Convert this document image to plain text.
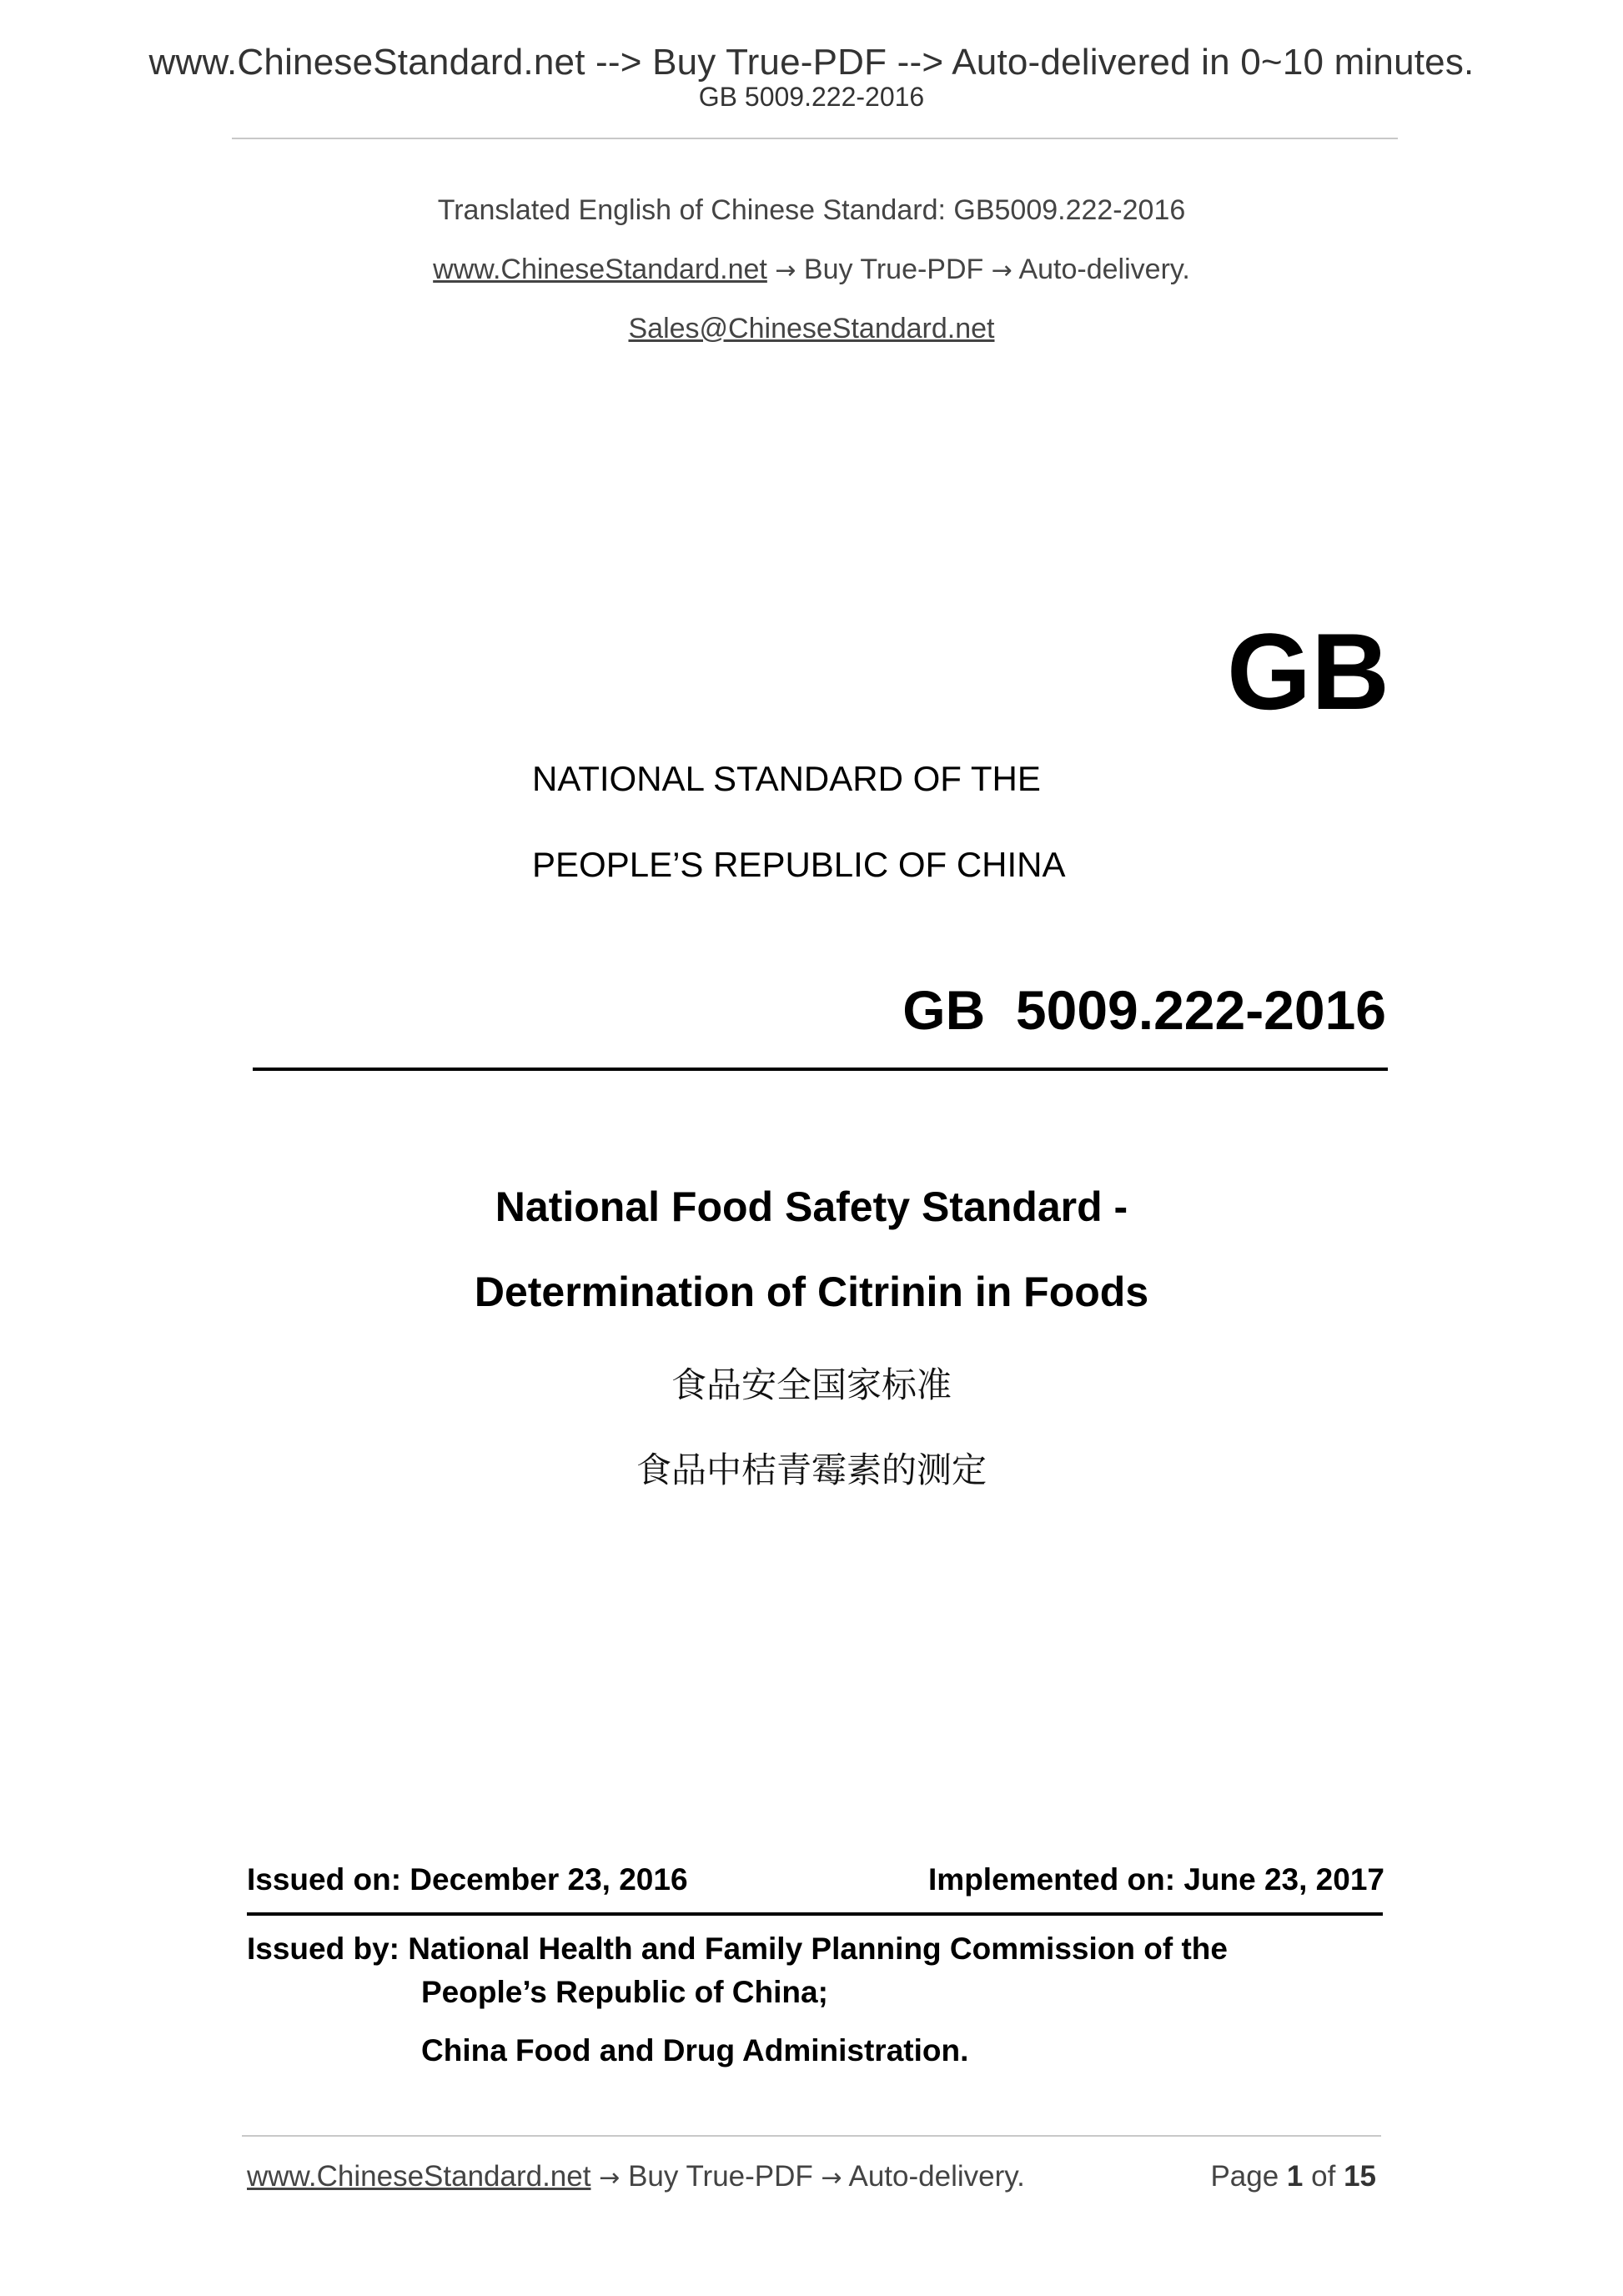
www.ChineseStandard.net --> Buy True-PDF --> Auto-delivered in 0~10 minutes.
GB 5009.222-2016
Translated English of Chinese Standard: GB5009.222-2016
www.ChineseStandard.net → Buy True-PDF → Auto-delivery.
Sales@ChineseStandard.net
GB
NATIONAL STANDARD OF THE
PEOPLE’S REPUBLIC OF CHINA
GB  5009.222-2016
National Food Safety Standard -
Determination of Citrinin in Foods
食品安全国家标准
食品中桔青霉素的测定
Issued on: December 23, 2016	Implemented on: June 23, 2017
Issued by: National Health and Family Planning Commission of the
People’s Republic of China;
China Food and Drug Administration.
www.ChineseStandard.net → Buy True-PDF → Auto-delivery.	Page 1 of 15
